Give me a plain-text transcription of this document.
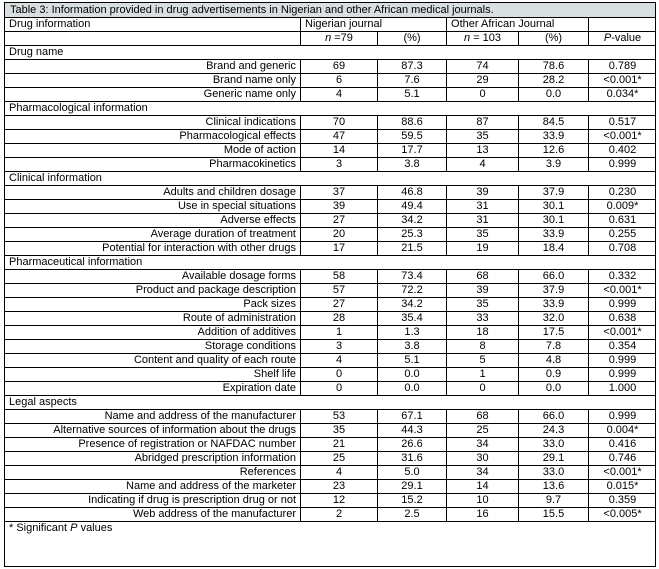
Table 3: Information provided in drug advertisements in Nigerian and other African medical journals.
Drug information	Nigerian journal		Other African Journal		
	n =79	(%)	n = 103	(%)	P-value
Drug name					
Brand and generic	69	87.3	74	78.6	0.789
Brand name only	6	7.6	29	28.2	<0.001*
Generic name only	4	5.1	0	0.0	0.034*
Pharmacological information					
Clinical indications	70	88.6	87	84.5	0.517
Pharmacological effects	47	59.5	35	33.9	<0.001*
Mode of action	14	17.7	13	12.6	0.402
Pharmacokinetics	3	3.8	4	3.9	0.999
Clinical information					
Adults and children dosage	37	46.8	39	37.9	0.230
Use in special situations	39	49.4	31	30.1	0.009*
Adverse effects	27	34.2	31	30.1	0.631
Average duration of treatment	20	25.3	35	33.9	0.255
Potential for interaction with other drugs	17	21.5	19	18.4	0.708
Pharmaceutical information					
Available dosage forms	58	73.4	68	66.0	0.332
Product and package description	57	72.2	39	37.9	<0.001*
Pack sizes	27	34.2	35	33.9	0.999
Route of administration	28	35.4	33	32.0	0.638
Addition of additives	1	1.3	18	17.5	<0.001*
Storage conditions	3	3.8	8	7.8	0.354
Content and quality of each route	4	5.1	5	4.8	0.999
Shelf life	0	0.0	1	0.9	0.999
Expiration date	0	0.0	0	0.0	1.000
Legal aspects					
Name and address of the manufacturer	53	67.1	68	66.0	0.999
Alternative sources of information about the drugs	35	44.3	25	24.3	0.004*
Presence of registration or NAFDAC number	21	26.6	34	33.0	0.416
Abridged prescription information	25	31.6	30	29.1	0.746
References	4	5.0	34	33.0	<0.001*
Name and address of the marketer	23	29.1	14	13.6	0.015*
Indicating if drug is prescription drug or not	12	15.2	10	9.7	0.359
Web address of the manufacturer	2	2.5	16	15.5	<0.005*
* Significant P values					
